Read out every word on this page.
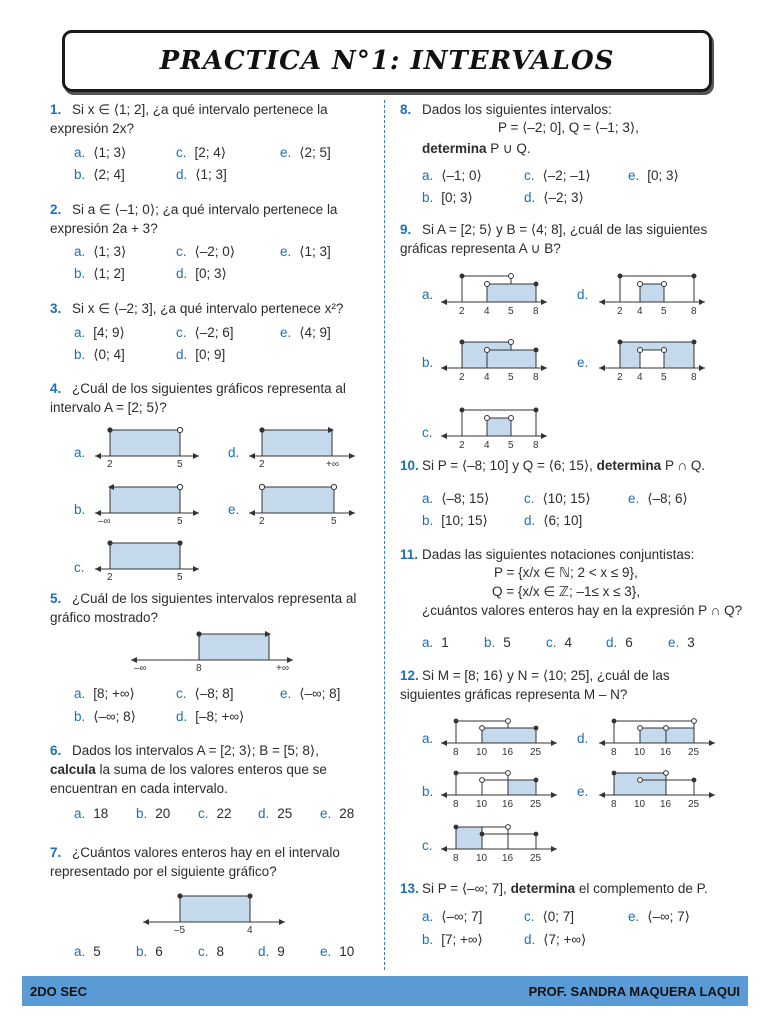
PRACTICA N°1: INTERVALOS
1. Si x ∈ ⟨1; 2], ¿a qué intervalo pertenece la expresión 2x?
a. ⟨1; 3⟩	c. [2; 4⟩	e. ⟨2; 5]
b. ⟨2; 4]	d. ⟨1; 3]
2. Si a ∈ ⟨–1; 0⟩; ¿a qué intervalo pertenece la expresión 2a + 3?
a. ⟨1; 3⟩	c. ⟨–2; 0⟩	e. ⟨1; 3]
b. ⟨1; 2]	d. [0; 3⟩
3. Si x ∈ ⟨–2; 3], ¿a qué intervalo pertenece x²?
a. [4; 9⟩	c. ⟨–2; 6]	e. ⟨4; 9]
b. ⟨0; 4]	d. [0; 9]
4. ¿Cuál de los siguientes gráficos representa al intervalo A = [2; 5⟩?
a.
2	5
d.
2	+∞
b.
–∞	5
e.
2	5
c.
2	5
5. ¿Cuál de los siguientes intervalos representa al gráfico mostrado?
–∞	8	+∞
a. [8; +∞⟩	c. ⟨–8; 8]	e. ⟨–∞; 8]
b. ⟨–∞; 8⟩	d. [–8; +∞⟩
6. Dados los intervalos A = [2; 3⟩; B = [5; 8⟩, calcula la suma de los valores enteros que se encuentran en cada intervalo.
a. 18 b. 20 c. 22 d. 25 e. 28
7. ¿Cuántos valores enteros hay en el intervalo representado por el siguiente gráfico?
–5	4
a. 5	b. 6	c. 8	d. 9	e. 10
8. Dados los siguientes intervalos:
P = ⟨–2; 0], Q = ⟨–1; 3⟩,
determina P ∪ Q.
a. ⟨–1; 0⟩	c. ⟨–2; –1⟩	e. [0; 3⟩
b. [0; 3⟩	d. ⟨–2; 3⟩
9. Si A = [2; 5⟩ y B = ⟨4; 8], ¿cuál de las siguientes gráficas representa A ∪ B?
a.
2 4 5 8
d.
2 4 5 8
b.
2 4 5 8
e.
2 4 5 8
c.
2 4 5 8
10. Si P = ⟨–8; 10] y Q = ⟨6; 15⟩, determina P ∩ Q.
a. ⟨–8; 15⟩	c. ⟨10; 15⟩	e. ⟨–8; 6⟩
b. [10; 15⟩	d. ⟨6; 10]
11. Dadas las siguientes notaciones conjuntistas:
P = {x/x ∈ ℕ; 2 < x ≤ 9},
Q = {x/x ∈ ℤ; –1≤ x ≤ 3},
¿cuántos valores enteros hay en la expresión P ∩ Q?
a. 1	b. 5	c. 4	d. 6	e. 3
12. Si M = [8; 16⟩ y N = ⟨10; 25], ¿cuál de las siguientes gráficas representa M – N?
a.
8 10 16 25
d.
8 10 16 25
b.
8 10 16 25
e.
8 10 16 25
c.
8 10 16 25
13. Si P = ⟨–∞; 7], determina el complemento de P.
a. ⟨–∞; 7]	c. ⟨0; 7]	e. ⟨–∞; 7⟩
b. [7; +∞⟩	d. ⟨7; +∞⟩
2DO SEC	PROF. SANDRA MAQUERA LAQUI
